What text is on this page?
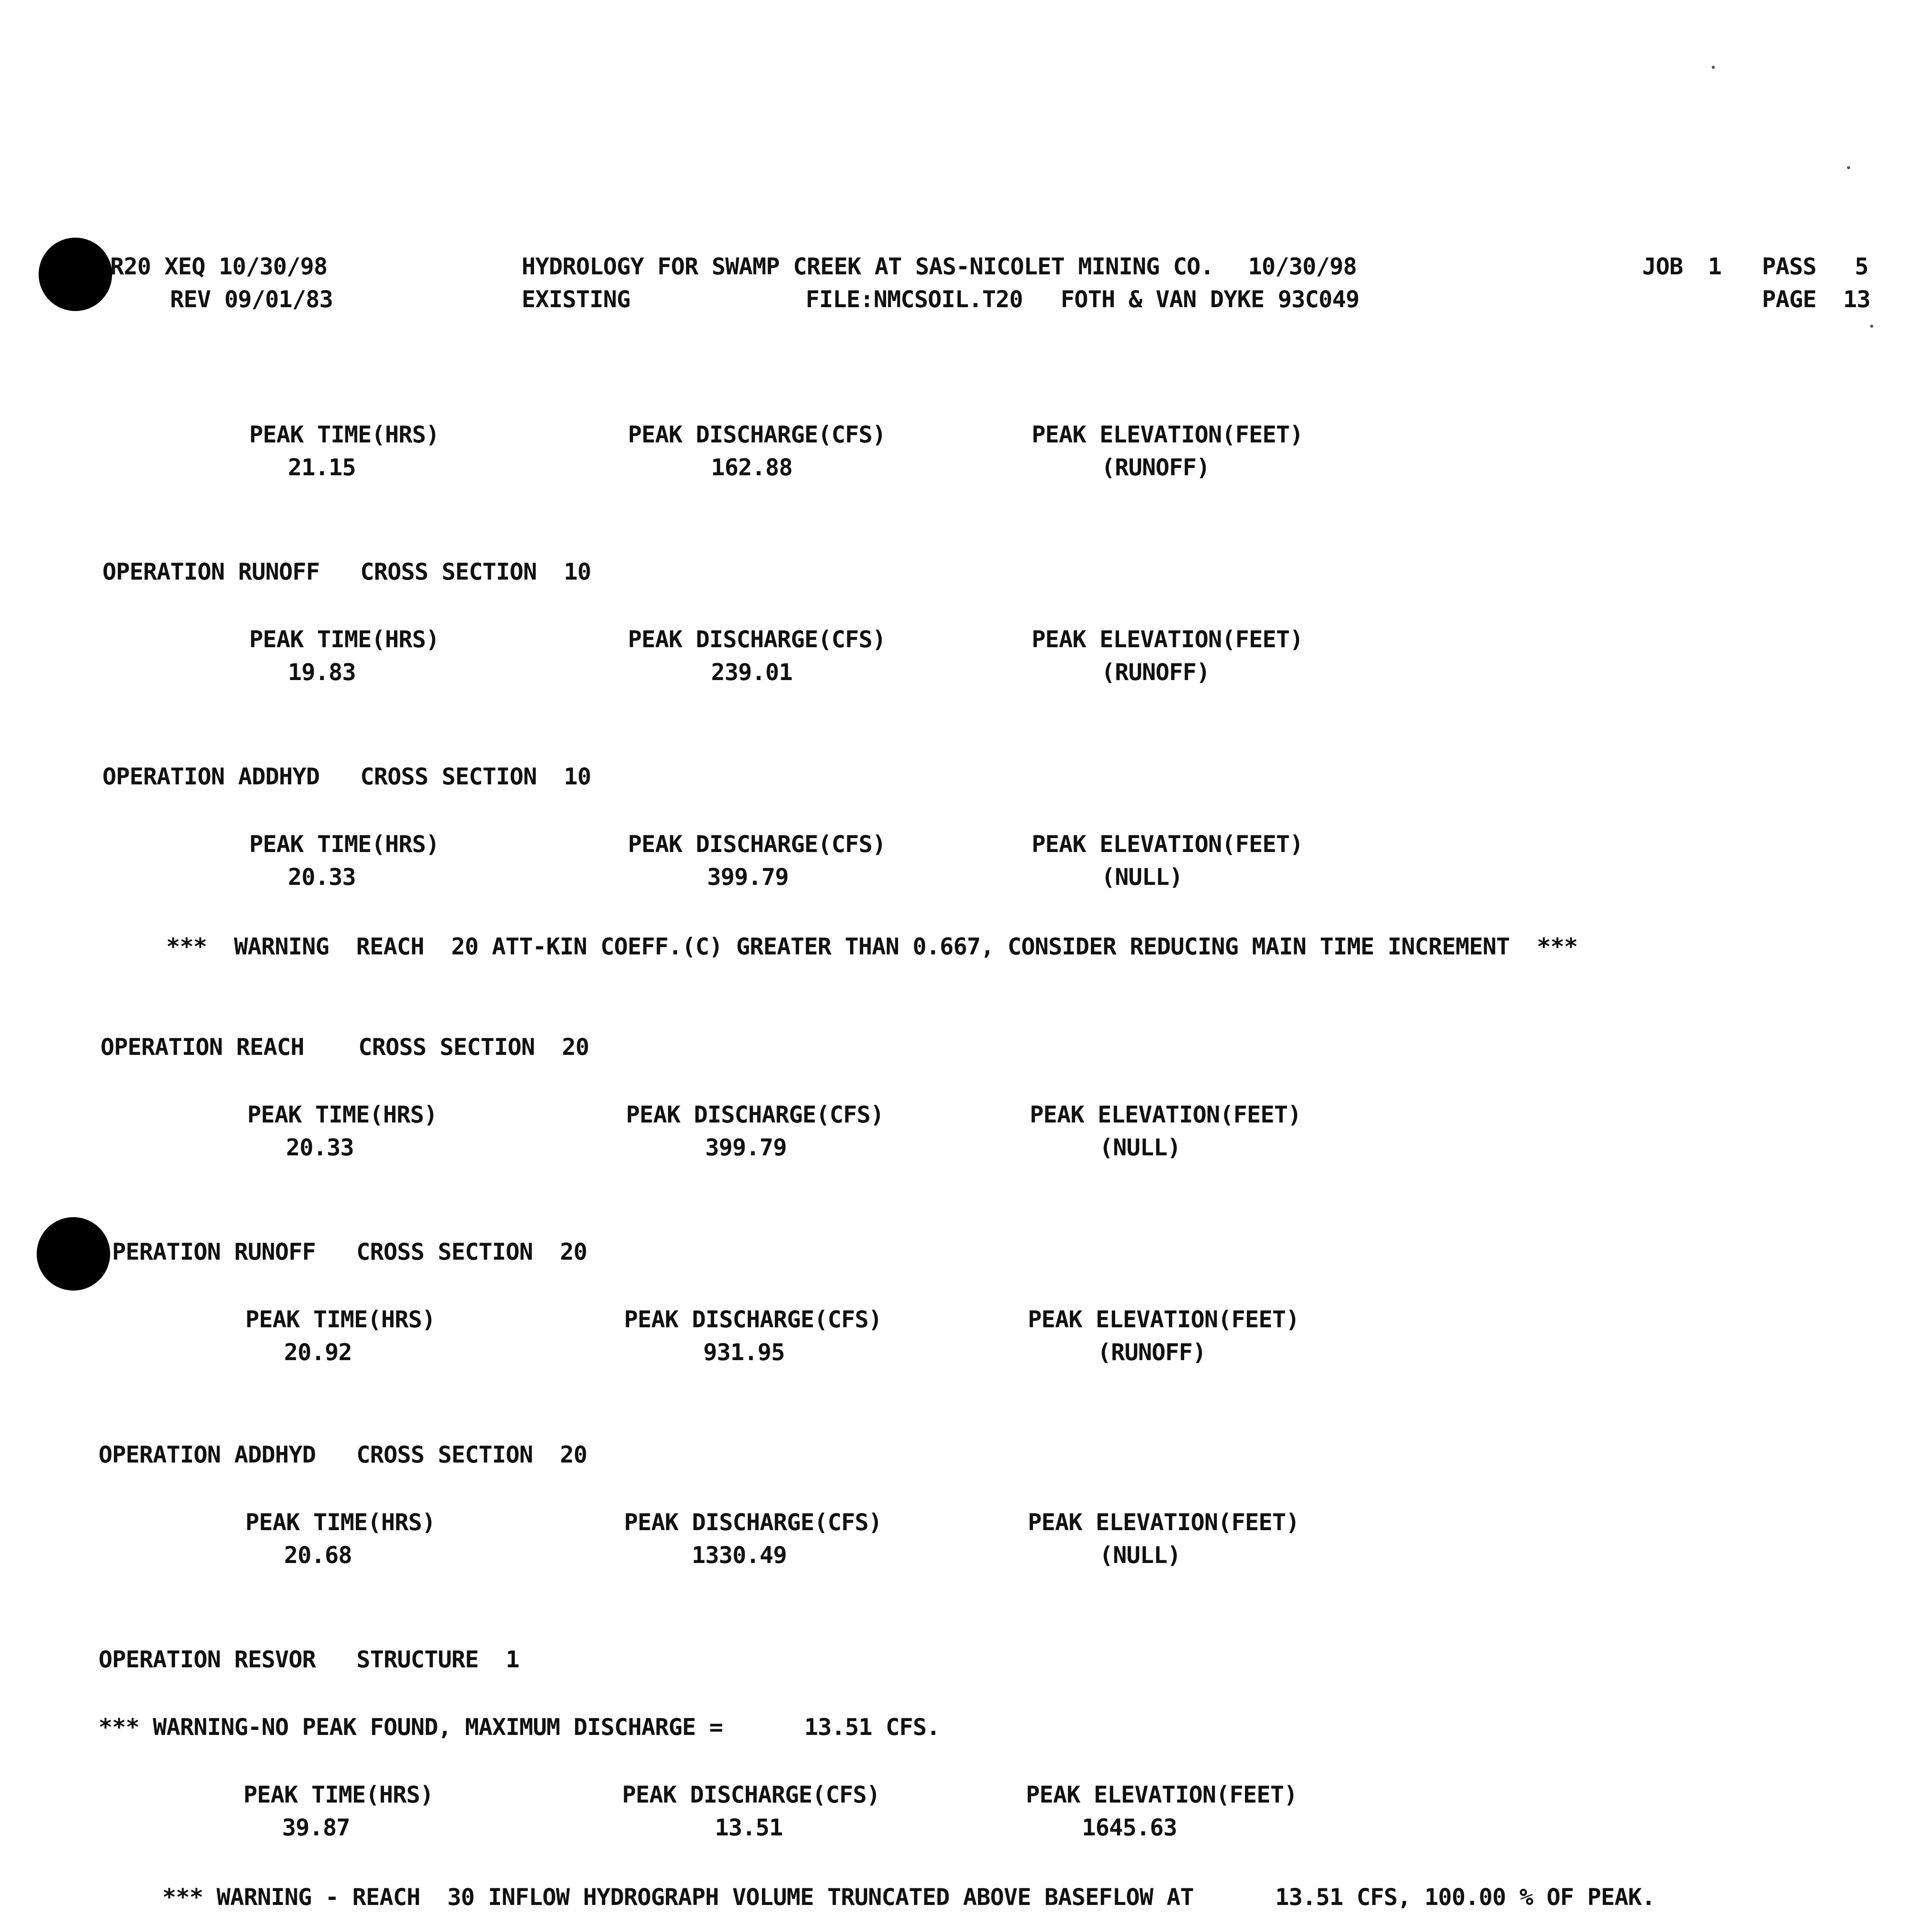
R20 XEQ 10/30/98
REV 09/01/83
HYDROLOGY FOR SWAMP CREEK AT SAS-NICOLET MINING CO. 10/30/98
EXISTING	FILE:NMCSOIL.T20 FOTH & VAN DYKE 93C049
JOB 1 PASS 5
PAGE 13
PEAK TIME(HRS)	PEAK DISCHARGE(CFS)	PEAK ELEVATION(FEET)
21.15	162.88	(RUNOFF)
OPERATION RUNOFF   CROSS SECTION  10
PEAK TIME(HRS)	PEAK DISCHARGE(CFS)	PEAK ELEVATION(FEET)
19.83	239.01	(RUNOFF)
OPERATION ADDHYD   CROSS SECTION  10
PEAK TIME(HRS)	PEAK DISCHARGE(CFS)	PEAK ELEVATION(FEET)
20.33	399.79	(NULL)
***  WARNING  REACH  20 ATT-KIN COEFF.(C) GREATER THAN 0.667, CONSIDER REDUCING MAIN TIME INCREMENT  ***
OPERATION REACH    CROSS SECTION  20
PEAK TIME(HRS)	PEAK DISCHARGE(CFS)	PEAK ELEVATION(FEET)
20.33	399.79	(NULL)
PERATION RUNOFF   CROSS SECTION  20
PEAK TIME(HRS)	PEAK DISCHARGE(CFS)	PEAK ELEVATION(FEET)
20.92	931.95	(RUNOFF)
OPERATION ADDHYD   CROSS SECTION  20
PEAK TIME(HRS)	PEAK DISCHARGE(CFS)	PEAK ELEVATION(FEET)
20.68	1330.49	(NULL)
OPERATION RESVOR   STRUCTURE  1
*** WARNING-NO PEAK FOUND, MAXIMUM DISCHARGE =      13.51 CFS.
PEAK TIME(HRS)	PEAK DISCHARGE(CFS)	PEAK ELEVATION(FEET)
39.87	13.51	1645.63
*** WARNING - REACH  30 INFLOW HYDROGRAPH VOLUME TRUNCATED ABOVE BASEFLOW AT      13.51 CFS, 100.00 % OF PEAK.
